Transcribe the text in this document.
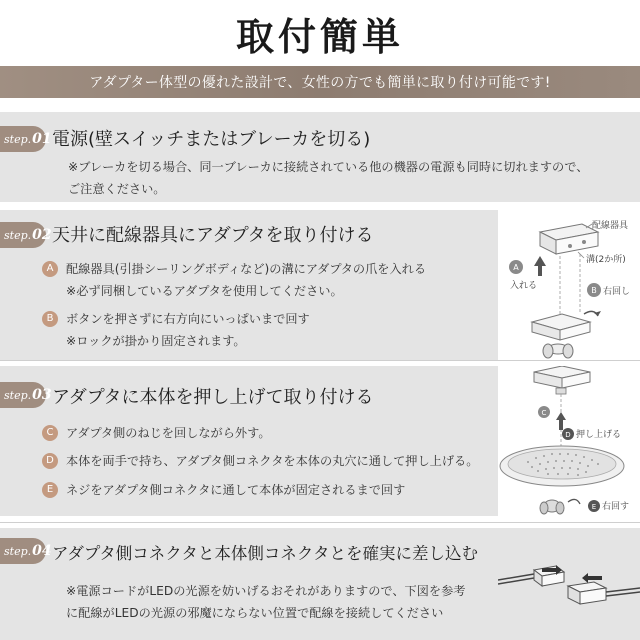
取付簡単
アダプター体型の優れた設計で、女性の方でも簡単に取り付け可能です!
step. 01 電源(壁スイッチまたはブレーカを切る)
※ブレーカを切る場合、同一ブレーカに接続されている他の機器の電源も同時に切れますので、
ご注意ください。
step. 02 天井に配線器具にアダプタを取り付ける
A	配線器具(引掛シーリングボディなど)の溝にアダプタの爪を入れる
※必ず同梱しているアダプタを使用してください。
B	ボタンを押さずに右方向にいっぱいまで回す
※ロックが掛かり固定されます。
配線器具
溝(2か所)
A
入れる	B 右回し
step. 03 アダプタに本体を押し上げて取り付ける
C	アダプタ側のねじを回しながら外す。
D 本体を両手で持ち、アダプタ側コネクタを本体の丸穴に通して押し上げる。
E	ネジをアダプタ側コネクタに通して本体が固定されるまで回す
C
D 押し上げる
E 右回す
step. 04 アダプタ側コネクタと本体側コネクタとを確実に差し込む
※電源コードがLEDの光源を妨いげるおそれがありますので、下図を参考
に配線がLEDの光源の邪魔にならない位置で配線を接続してください
